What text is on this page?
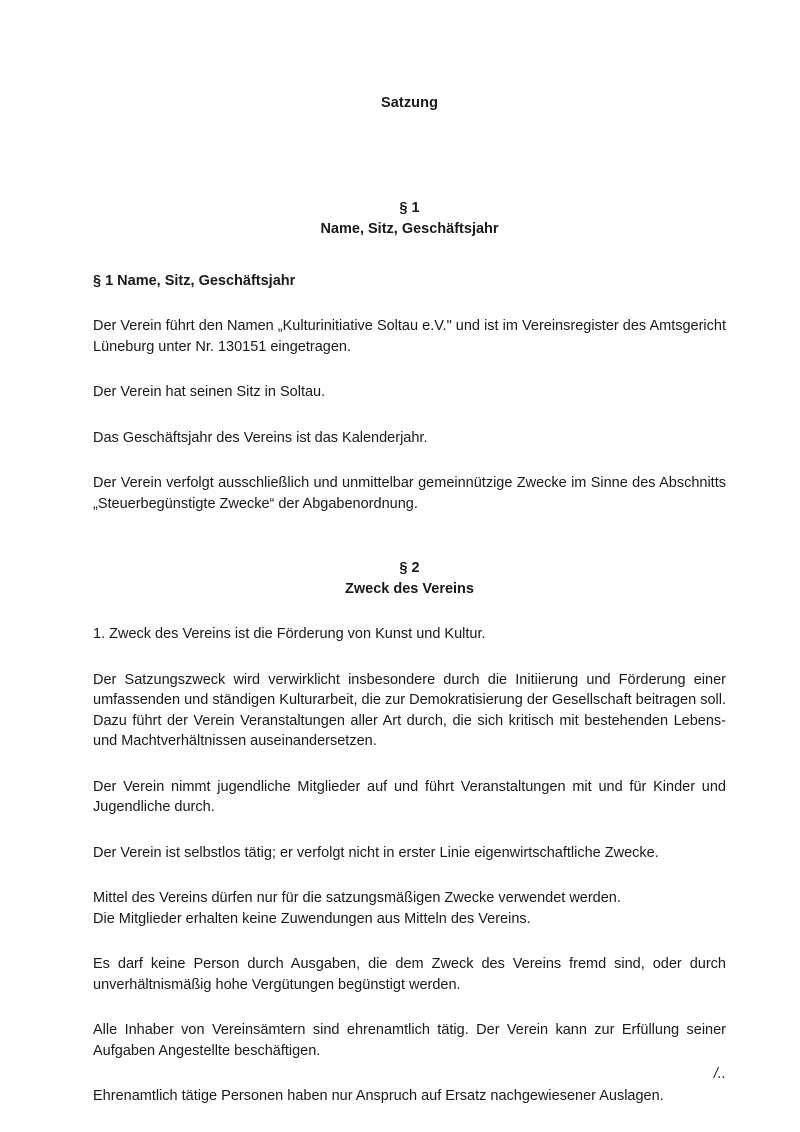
Satzung
§ 1
Name, Sitz, Geschäftsjahr

§ 1 Name, Sitz, Geschäftsjahr

Der Verein führt den Namen „Kulturinitiative Soltau e.V." und ist im Vereinsregister des Amtsgericht Lüneburg unter Nr. 130151 eingetragen.

Der Verein hat seinen Sitz in Soltau.

Das Geschäftsjahr des Vereins ist das Kalenderjahr.

Der Verein verfolgt ausschließlich und unmittelbar gemeinnützige Zwecke im Sinne des Abschnitts „Steuerbegünstigte Zwecke“ der Abgabenordnung.

§ 2
Zweck des Vereins

1. Zweck des Vereins ist die Förderung von Kunst und Kultur.

Der Satzungszweck wird verwirklicht insbesondere durch die Initiierung und Förderung einer umfassenden und ständigen Kulturarbeit, die zur Demokratisierung der Gesellschaft beitragen soll. Dazu führt der Verein Veranstaltungen aller Art durch, die sich kritisch mit bestehenden Lebens- und Machtverhältnissen auseinandersetzen.

Der Verein nimmt jugendliche Mitglieder auf und führt Veranstaltungen mit und für Kinder und Jugendliche durch.

Der Verein ist selbstlos tätig; er verfolgt nicht in erster Linie eigenwirtschaftliche Zwecke.

Mittel des Vereins dürfen nur für die satzungsmäßigen Zwecke verwendet werden.

Die Mitglieder erhalten keine Zuwendungen aus Mitteln des Vereins.

Es darf keine Person durch Ausgaben, die dem Zweck des Vereins fremd sind, oder durch unverhältnismäßig hohe Vergütungen begünstigt werden.

Alle Inhaber von Vereinsämtern sind ehrenamtlich tätig. Der Verein kann zur Erfüllung seiner Aufgaben Angestellte beschäftigen.

Ehrenamtlich tätige Personen haben nur Anspruch auf Ersatz nachgewiesener Auslagen.

/..
